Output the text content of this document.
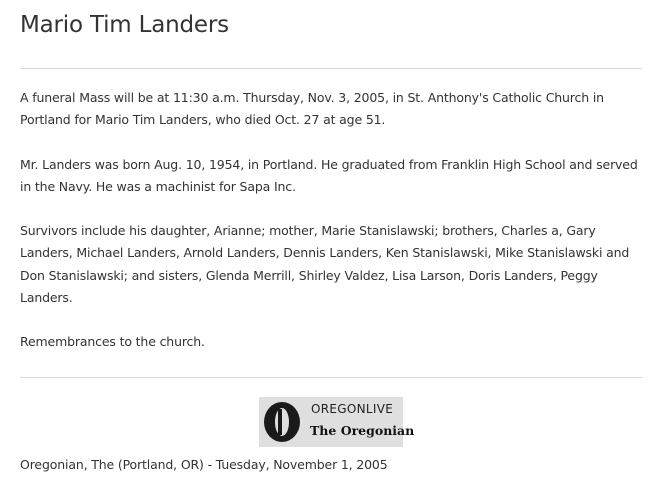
Mario Tim Landers

A funeral Mass will be at 11:30 a.m. Thursday, Nov. 3, 2005, in St. Anthony's Catholic Church in Portland for Mario Tim Landers, who died Oct. 27 at age 51.

Mr. Landers was born Aug. 10, 1954, in Portland. He graduated from Franklin High School and served in the Navy. He was a machinist for Sapa Inc.

Survivors include his daughter, Arianne; mother, Marie Stanislawski; brothers, Charles a, Gary Landers, Michael Landers, Arnold Landers, Dennis Landers, Ken Stanislawski, Mike Stanislawski and Don Stanislawski; and sisters, Glenda Merrill, Shirley Valdez, Lisa Larson, Doris Landers, Peggy Landers.

Remembrances to the church.

OREGONLIVE
The Oregonian
Oregonian, The (Portland, OR) - Tuesday, November 1, 2005
